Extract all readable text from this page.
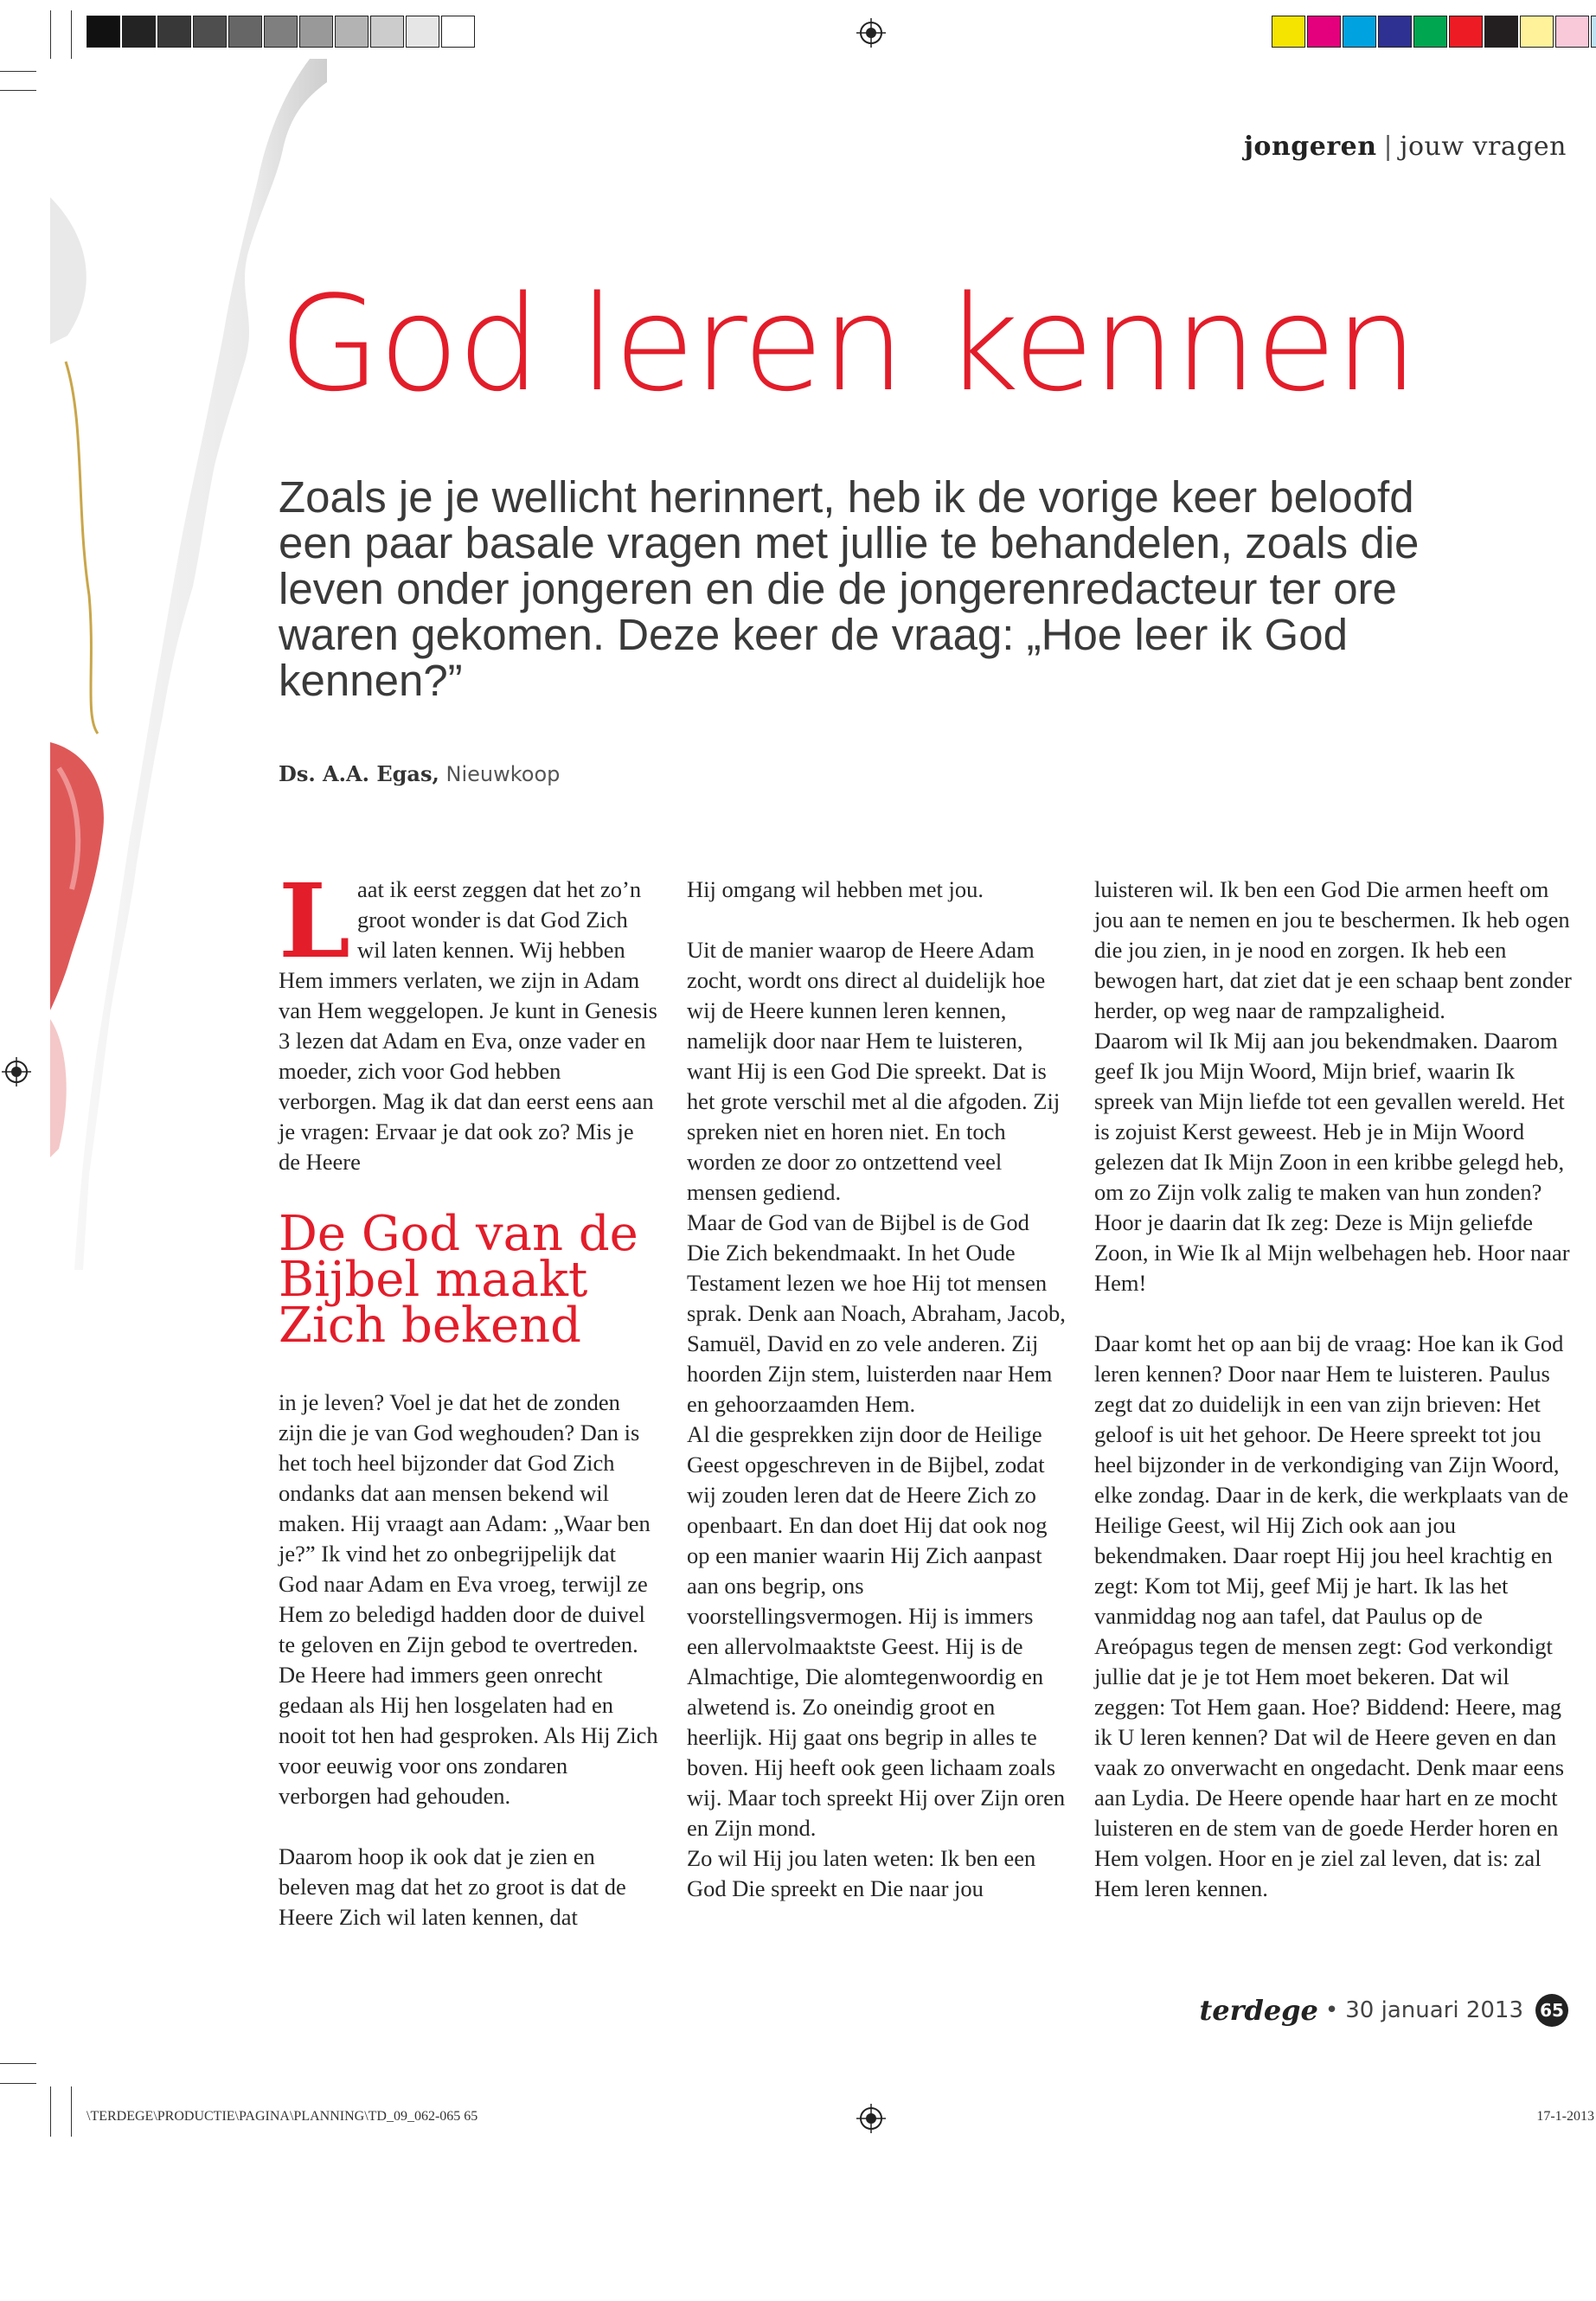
jongeren | jouw vragen
God leren kennen
Zoals je je wellicht herinnert, heb ik de vorige keer beloofd een paar basale vragen met jullie te behandelen, zoals die leven onder jongeren en die de jongerenredacteur ter ore waren gekomen. Deze keer de vraag: „Hoe leer ik God kennen?”
Ds. A.A. Egas, Nieuwkoop
L aat ik eerst zeggen dat het zo’n groot wonder is dat God Zich wil laten kennen. Wij hebben Hem immers verlaten, we zijn in Adam van Hem weggelopen. Je kunt in Genesis 3 lezen dat Adam en Eva, onze vader en moeder, zich voor God hebben verborgen. Mag ik dat dan eerst eens aan je vragen: Ervaar je dat ook zo? Mis je de Heere

De God van de
Bijbel maakt
Zich bekend

in je leven? Voel je dat het de zonden zijn die je van God weghouden? Dan is het toch heel bijzonder dat God Zich ondanks dat aan mensen bekend wil maken. Hij vraagt aan Adam: „Waar ben je?” Ik vind het zo onbegrijpelijk dat God naar Adam en Eva vroeg, terwijl ze Hem zo beledigd hadden door de duivel te geloven en Zijn gebod te overtreden.
De Heere had immers geen onrecht gedaan als Hij hen losgelaten had en nooit tot hen had gesproken. Als Hij Zich voor eeuwig voor ons zondaren verborgen had gehouden.

Daarom hoop ik ook dat je zien en beleven mag dat het zo groot is dat de Heere Zich wil laten kennen, dat

Hij omgang wil hebben met jou.

Uit de manier waarop de Heere Adam zocht, wordt ons direct al duidelijk hoe wij de Heere kunnen leren kennen, namelijk door naar Hem te luisteren, want Hij is een God Die spreekt. Dat is het grote verschil met al die afgoden. Zij spreken niet en horen niet. En toch worden ze door zo ontzettend veel mensen gediend.
Maar de God van de Bijbel is de God Die Zich bekendmaakt. In het Oude Testament lezen we hoe Hij tot mensen sprak. Denk aan Noach, Abraham, Jacob, Samuël, David en zo vele anderen. Zij hoorden Zijn stem, luisterden naar Hem en gehoorzaamden Hem.
Al die gesprekken zijn door de Heilige Geest opgeschreven in de Bijbel, zodat wij zouden leren dat de Heere Zich zo openbaart. En dan doet Hij dat ook nog op een manier waarin Hij Zich aanpast aan ons begrip, ons voorstellingsvermogen. Hij is immers een allervolmaaktste Geest. Hij is de Almachtige, Die alomtegenwoordig en alwetend is. Zo oneindig groot en heerlijk. Hij gaat ons begrip in alles te boven. Hij heeft ook geen lichaam zoals wij. Maar toch spreekt Hij over Zijn oren en Zijn mond.
Zo wil Hij jou laten weten: Ik ben een God Die spreekt en Die naar jou

luisteren wil. Ik ben een God Die armen heeft om jou aan te nemen en jou te beschermen. Ik heb ogen die jou zien, in je nood en zorgen. Ik heb een bewogen hart, dat ziet dat je een schaap bent zonder herder, op weg naar de rampzaligheid.
Daarom wil Ik Mij aan jou bekendmaken. Daarom geef Ik jou Mijn Woord, Mijn brief, waarin Ik spreek van Mijn liefde tot een gevallen wereld. Het is zojuist Kerst geweest. Heb je in Mijn Woord gelezen dat Ik Mijn Zoon in een kribbe gelegd heb, om zo Zijn volk zalig te maken van hun zonden? Hoor je daarin dat Ik zeg: Deze is Mijn geliefde Zoon, in Wie Ik al Mijn welbehagen heb. Hoor naar Hem!

Daar komt het op aan bij de vraag: Hoe kan ik God leren kennen? Door naar Hem te luisteren. Paulus zegt dat zo duidelijk in een van zijn brieven: Het geloof is uit het gehoor. De Heere spreekt tot jou heel bijzonder in de verkondiging van Zijn Woord, elke zondag. Daar in de kerk, die werkplaats van de Heilige Geest, wil Hij Zich ook aan jou bekendmaken. Daar roept Hij jou heel krachtig en zegt: Kom tot Mij, geef Mij je hart. Ik las het vanmiddag nog aan tafel, dat Paulus op de Areópagus tegen de mensen zegt: God verkondigt jullie dat je je tot Hem moet bekeren. Dat wil zeggen: Tot Hem gaan. Hoe? Biddend: Heere, mag ik U leren kennen? Dat wil de Heere geven en dan vaak zo onverwacht en ongedacht. Denk maar eens aan Lydia. De Heere opende haar hart en ze mocht luisteren en de stem van de goede Herder horen en Hem volgen. Hoor en je ziel zal leven, dat is: zal Hem leren kennen.

terdege • 30 januari 2013 65
\TERDEGE\PRODUCTIE\PAGINA\PLANNING\TD_09_062-065 65	17-1-2013
